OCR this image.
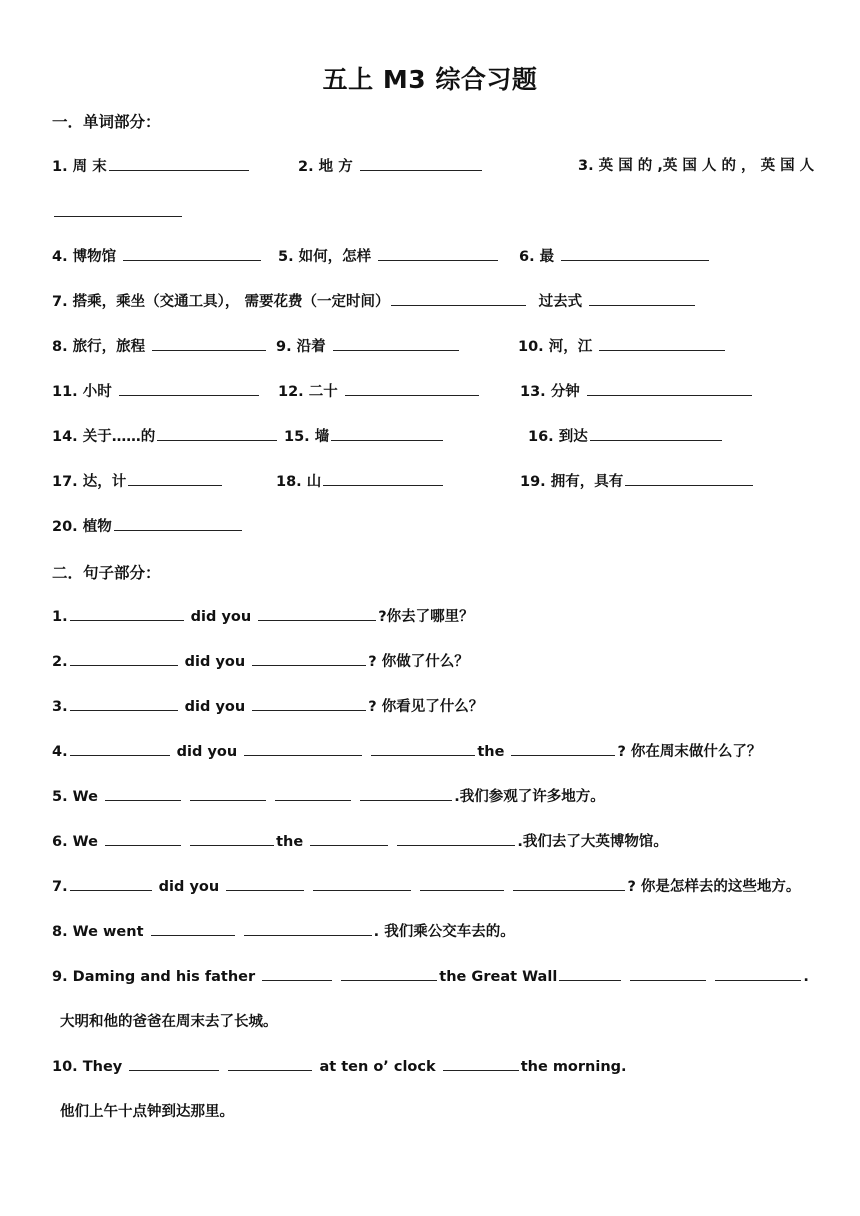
五上 M3 综合习题
一．单词部分：
1. 周 末	2. 地 方	3. 英 国 的 ,英 国 人 的 ， 英 国 人
4. 博物馆	5. 如何，怎样	6. 最
7. 搭乘，乘坐（交通工具）， 需要花费（一定时间）	过去式
8. 旅行，旅程	9. 沿着	10. 河，江
11. 小时	12. 二十	13. 分钟
14. 关于……的	15. 墙	16. 到达
17. 达，计	18. 山	19. 拥有，具有
20. 植物
二．句子部分：
1.	did you	?你去了哪里？
2.	did you	? 你做了什么？
3.	did you	? 你看见了什么？
4.	did you	the	? 你在周末做什么了？
5. We	.我们参观了许多地方。
6. We	the	.我们去了大英博物馆。
7.	did you	? 你是怎样去的这些地方。
8. We went	. 我们乘公交车去的。
9. Daming and his father	the Great Wall	.
大明和他的爸爸在周末去了长城。
10. They	at ten o’ clock	the morning.
他们上午十点钟到达那里。
